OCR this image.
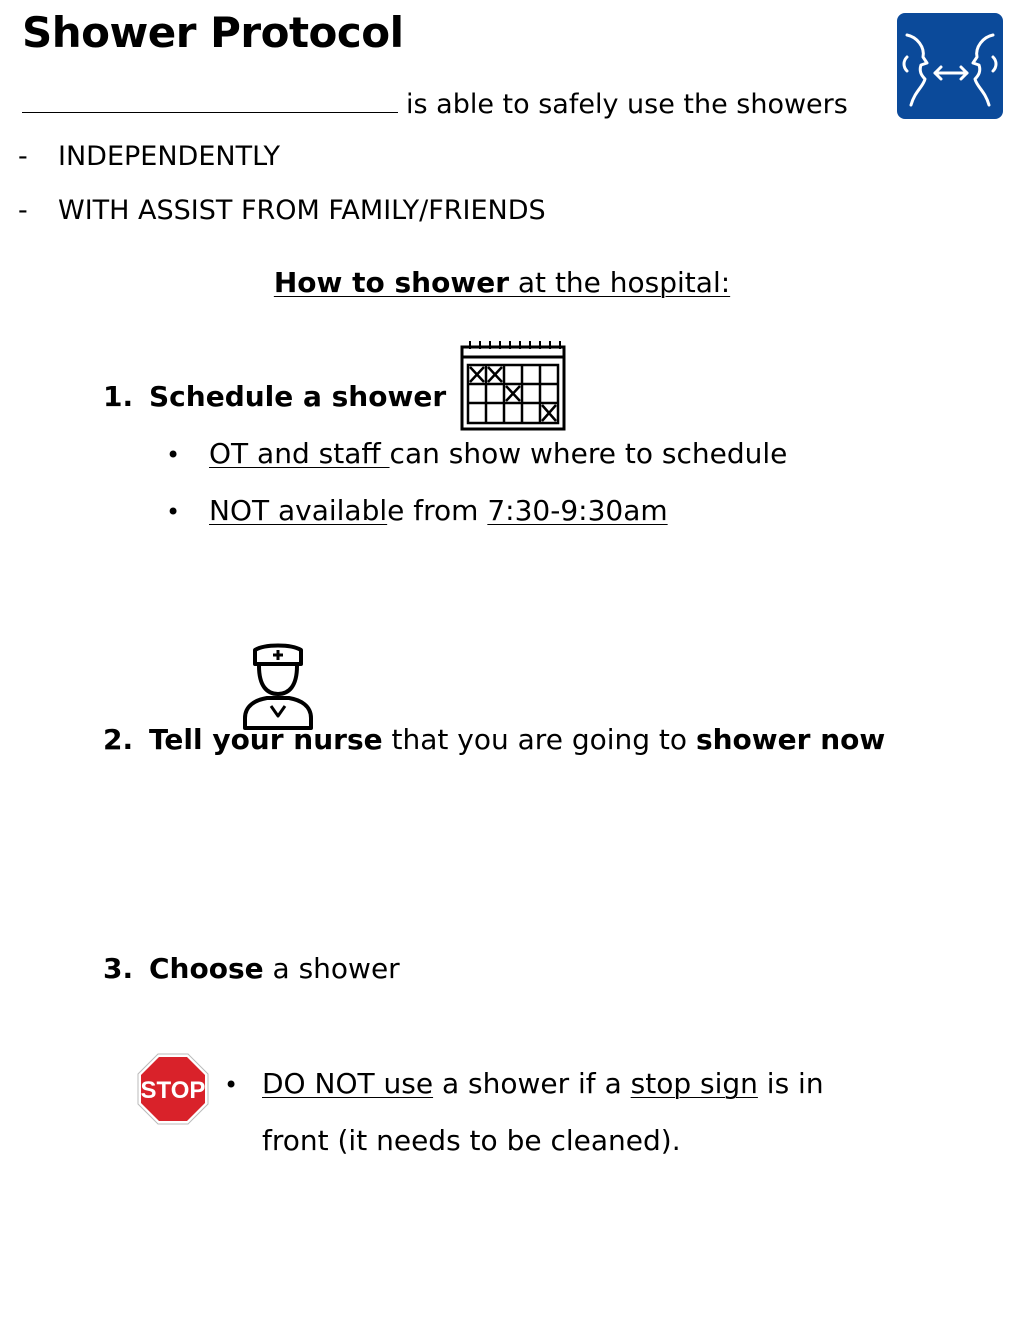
Shower Protocol
is able to safely use the showers
- INDEPENDENTLY
- WITH ASSIST FROM FAMILY/FRIENDS
How to shower at the hospital:
1. Schedule a shower
• OT and staff can show where to schedule
• NOT available from 7:30-9:30am
2. Tell your nurse that you are going to shower now
3. Choose a shower
STOP • DO NOT use a shower if a stop sign is in
front (it needs to be cleaned).
